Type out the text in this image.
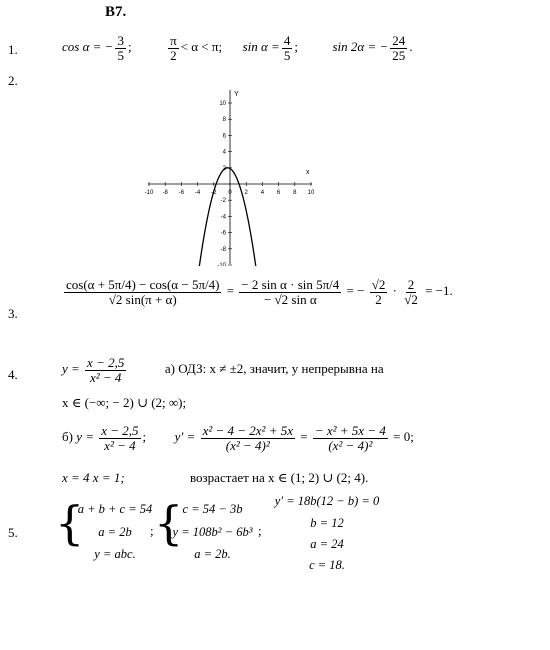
B7.
1.
2.
3.
4.
5.
cos α = − $\frac{3}{5}$ ;	$\frac{\pi}{2} < \alpha < \pi$; $\sin \alpha = \frac{4}{5}$ ;	sin 2α = − $\frac{24}{25}$ .
-10 -8 -6 -4 -2 0 2 4 6 8 10
10
8
6
4
2
-2
-4
-6
-8
-10
x
Y
$\frac{\cos(\alpha + 5\pi/4) - \cos(\alpha - 5\pi/4)}{√2 \sin(\pi + \alpha)} = \frac{\text{− 2 sin α · sin 5π/4}}{\text{− √2 sin α}}$ = − $\frac{√2}{2} \cdot \frac{2}{√2} = -1$.
$y = \frac{x - 2,5}{\text{x² − 4}}$	а) ОДЗ: x ≠ ±2, значит, y непрерывна на
x ∈ (−∞; − 2) ∪ (2; ∞);
б) $y = \frac{x - 2,5}{\text{x² − 4}}$ ; $y' = \frac{\text{x² − 4 − 2x² + 5x}}{\text{(x² − 4)²}} = \frac{\text{− x² + 5x − 4}}{\text{(x² − 4)²}} = 0$;
x = 4 x = 1;	возрастает на x ∈ (1; 2) ∪ (2; 4).
{
a + b + c = 54
a = 2b
y = abc.
; { c = 54 − 3b
y = 108b² − 6b³
a = 2b.
;
y′ = 18b(12 − b) = 0
b = 12
a = 24
c = 18.
